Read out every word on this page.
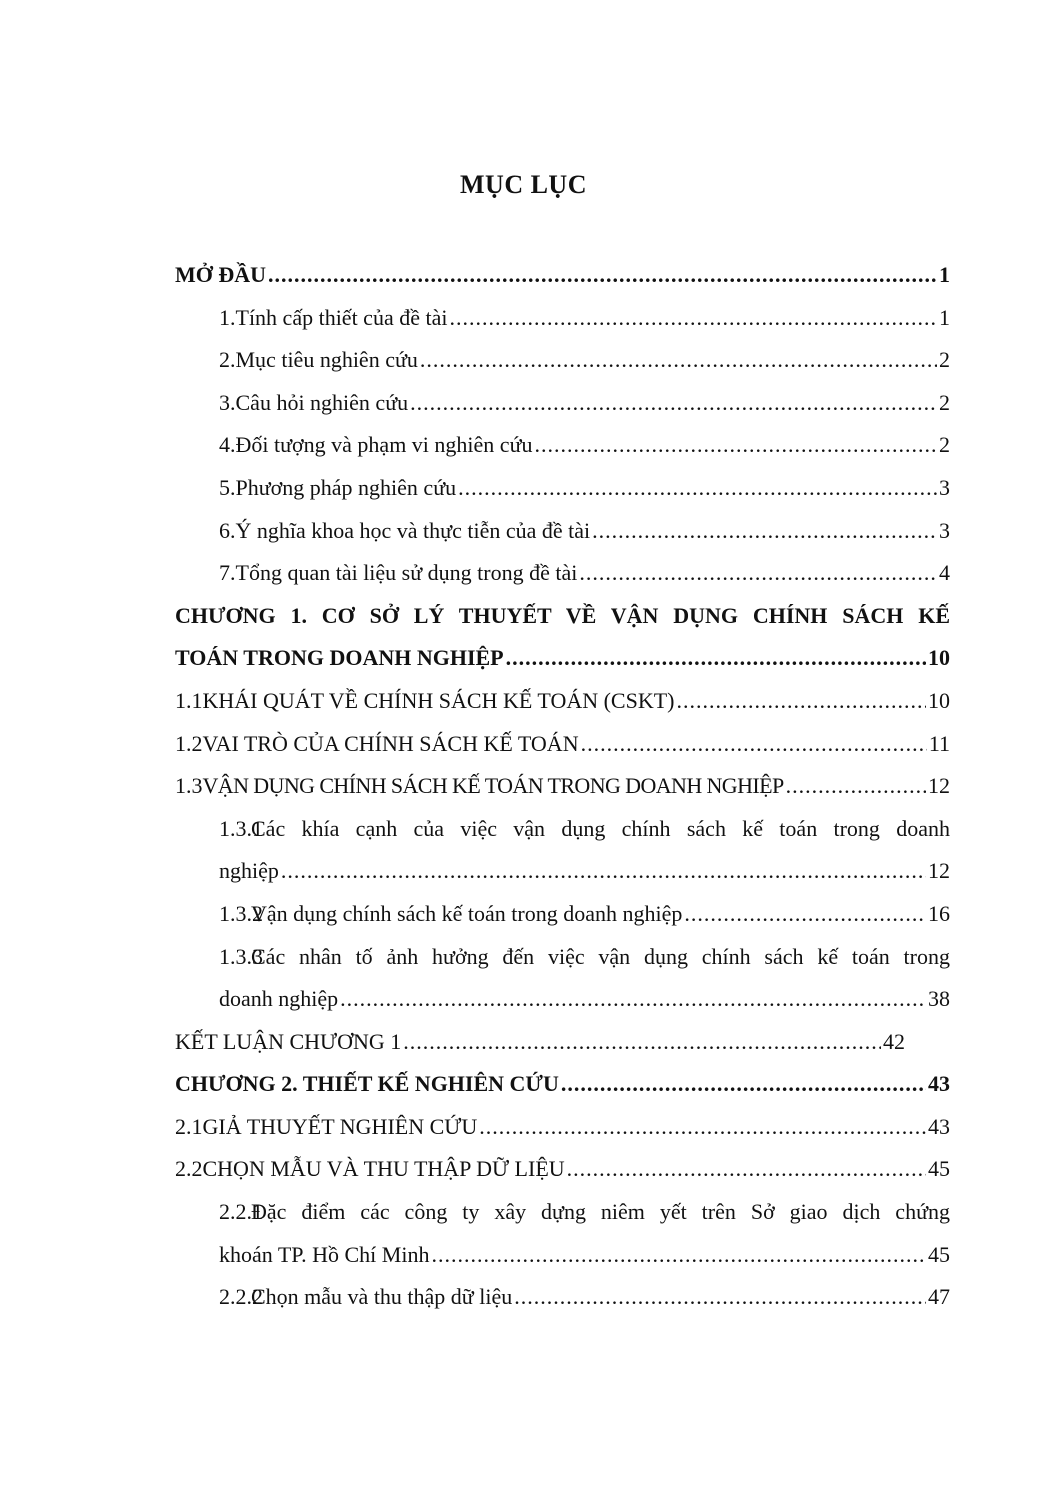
MỤC LỤC
MỞ ĐẦU .....	1
1. Tính cấp thiết của đề tài .....	1
2. Mục tiêu nghiên cứu .....	2
3. Câu hỏi nghiên cứu .....	2
4. Đối tượng và phạm vi nghiên cứu .....	2
5. Phương pháp nghiên cứu .....	3
6. Ý nghĩa khoa học và thực tiễn của đề tài .....	3
7. Tổng quan tài liệu sử dụng trong đề tài .....	4
CHƯƠNG 1. CƠ SỞ LÝ THUYẾT VỀ VẬN DỤNG CHÍNH SÁCH KẾ
TOÁN TRONG DOANH NGHIỆP .....	10
1.1 KHÁI QUÁT VỀ CHÍNH SÁCH KẾ TOÁN (CSKT) .....	10
1.2 VAI TRÒ CỦA CHÍNH SÁCH KẾ TOÁN .....	11
1.3 VẬN DỤNG CHÍNH SÁCH KẾ TOÁN TRONG DOANH NGHIỆP .....	12
1.3.1
Các khía cạnh của việc vận dụng chính sách kế toán trong doanh
nghiệp .....	12
1.3.2
Vận dụng chính sách kế toán trong doanh nghiệp .....	16
1.3.3
Các nhân tố ảnh hưởng đến việc vận dụng chính sách kế toán trong
doanh nghiệp .....	38
KẾT LUẬN CHƯƠNG 1 .....	42
CHƯƠNG 2. THIẾT KẾ NGHIÊN CỨU .....	43
2.1 GIẢ THUYẾT NGHIÊN CỨU .....	43
2.2 CHỌN MẪU VÀ THU THẬP DỮ LIỆU .....	45
2.2.1
Đặc điểm các công ty xây dựng niêm yết trên Sở giao dịch chứng
khoán TP. Hồ Chí Minh .....	45
2.2.2
Chọn mẫu và thu thập dữ liệu .....	47
